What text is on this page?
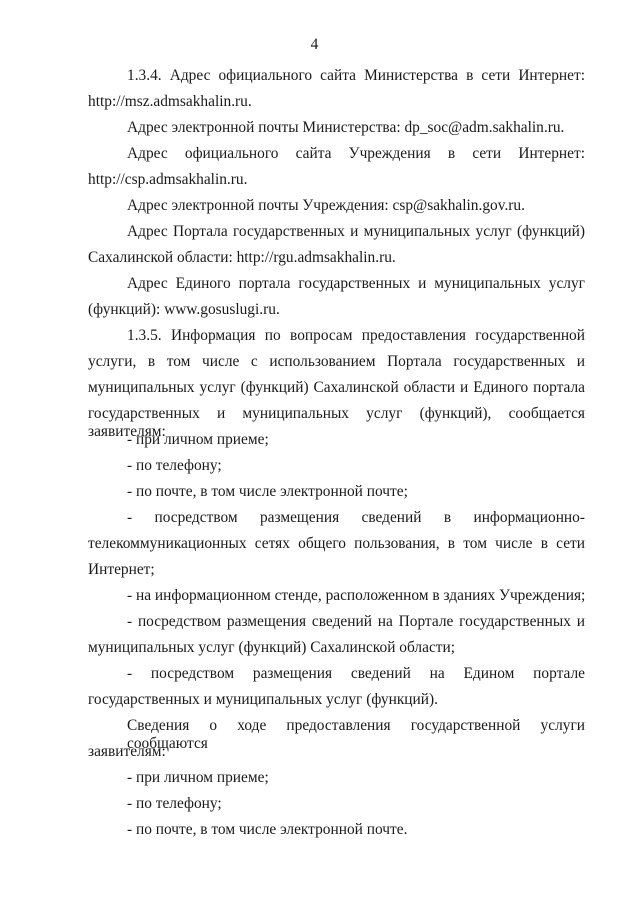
4
1.3.4. Адрес официального сайта Министерства в сети Интернет:
http://msz.admsakhalin.ru.
Адрес электронной почты Министерства: dp_soc@adm.sakhalin.ru.
Адрес официального сайта Учреждения в сети Интернет:
http://csp.admsakhalin.ru.
Адрес электронной почты Учреждения: csp@sakhalin.gov.ru.
Адрес Портала государственных и муниципальных услуг (функций)
Сахалинской области: http://rgu.admsakhalin.ru.
Адрес Единого портала государственных и муниципальных услуг
(функций): www.gosuslugi.ru.
1.3.5. Информация по вопросам предоставления государственной
услуги, в том числе с использованием Портала государственных и
муниципальных услуг (функций) Сахалинской области и Единого портала
государственных и муниципальных услуг (функций), сообщается заявителям:
- при личном приеме;
- по телефону;
- по почте, в том числе электронной почте;
- посредством размещения сведений в информационно-
телекоммуникационных сетях общего пользования, в том числе в сети
Интернет;
- на информационном стенде, расположенном в зданиях Учреждения;
- посредством размещения сведений на Портале государственных и
муниципальных услуг (функций) Сахалинской области;
- посредством размещения сведений на Едином портале
государственных и муниципальных услуг (функций).
Сведения о ходе предоставления государственной услуги сообщаются
заявителям:
- при личном приеме;
- по телефону;
- по почте, в том числе электронной почте.
